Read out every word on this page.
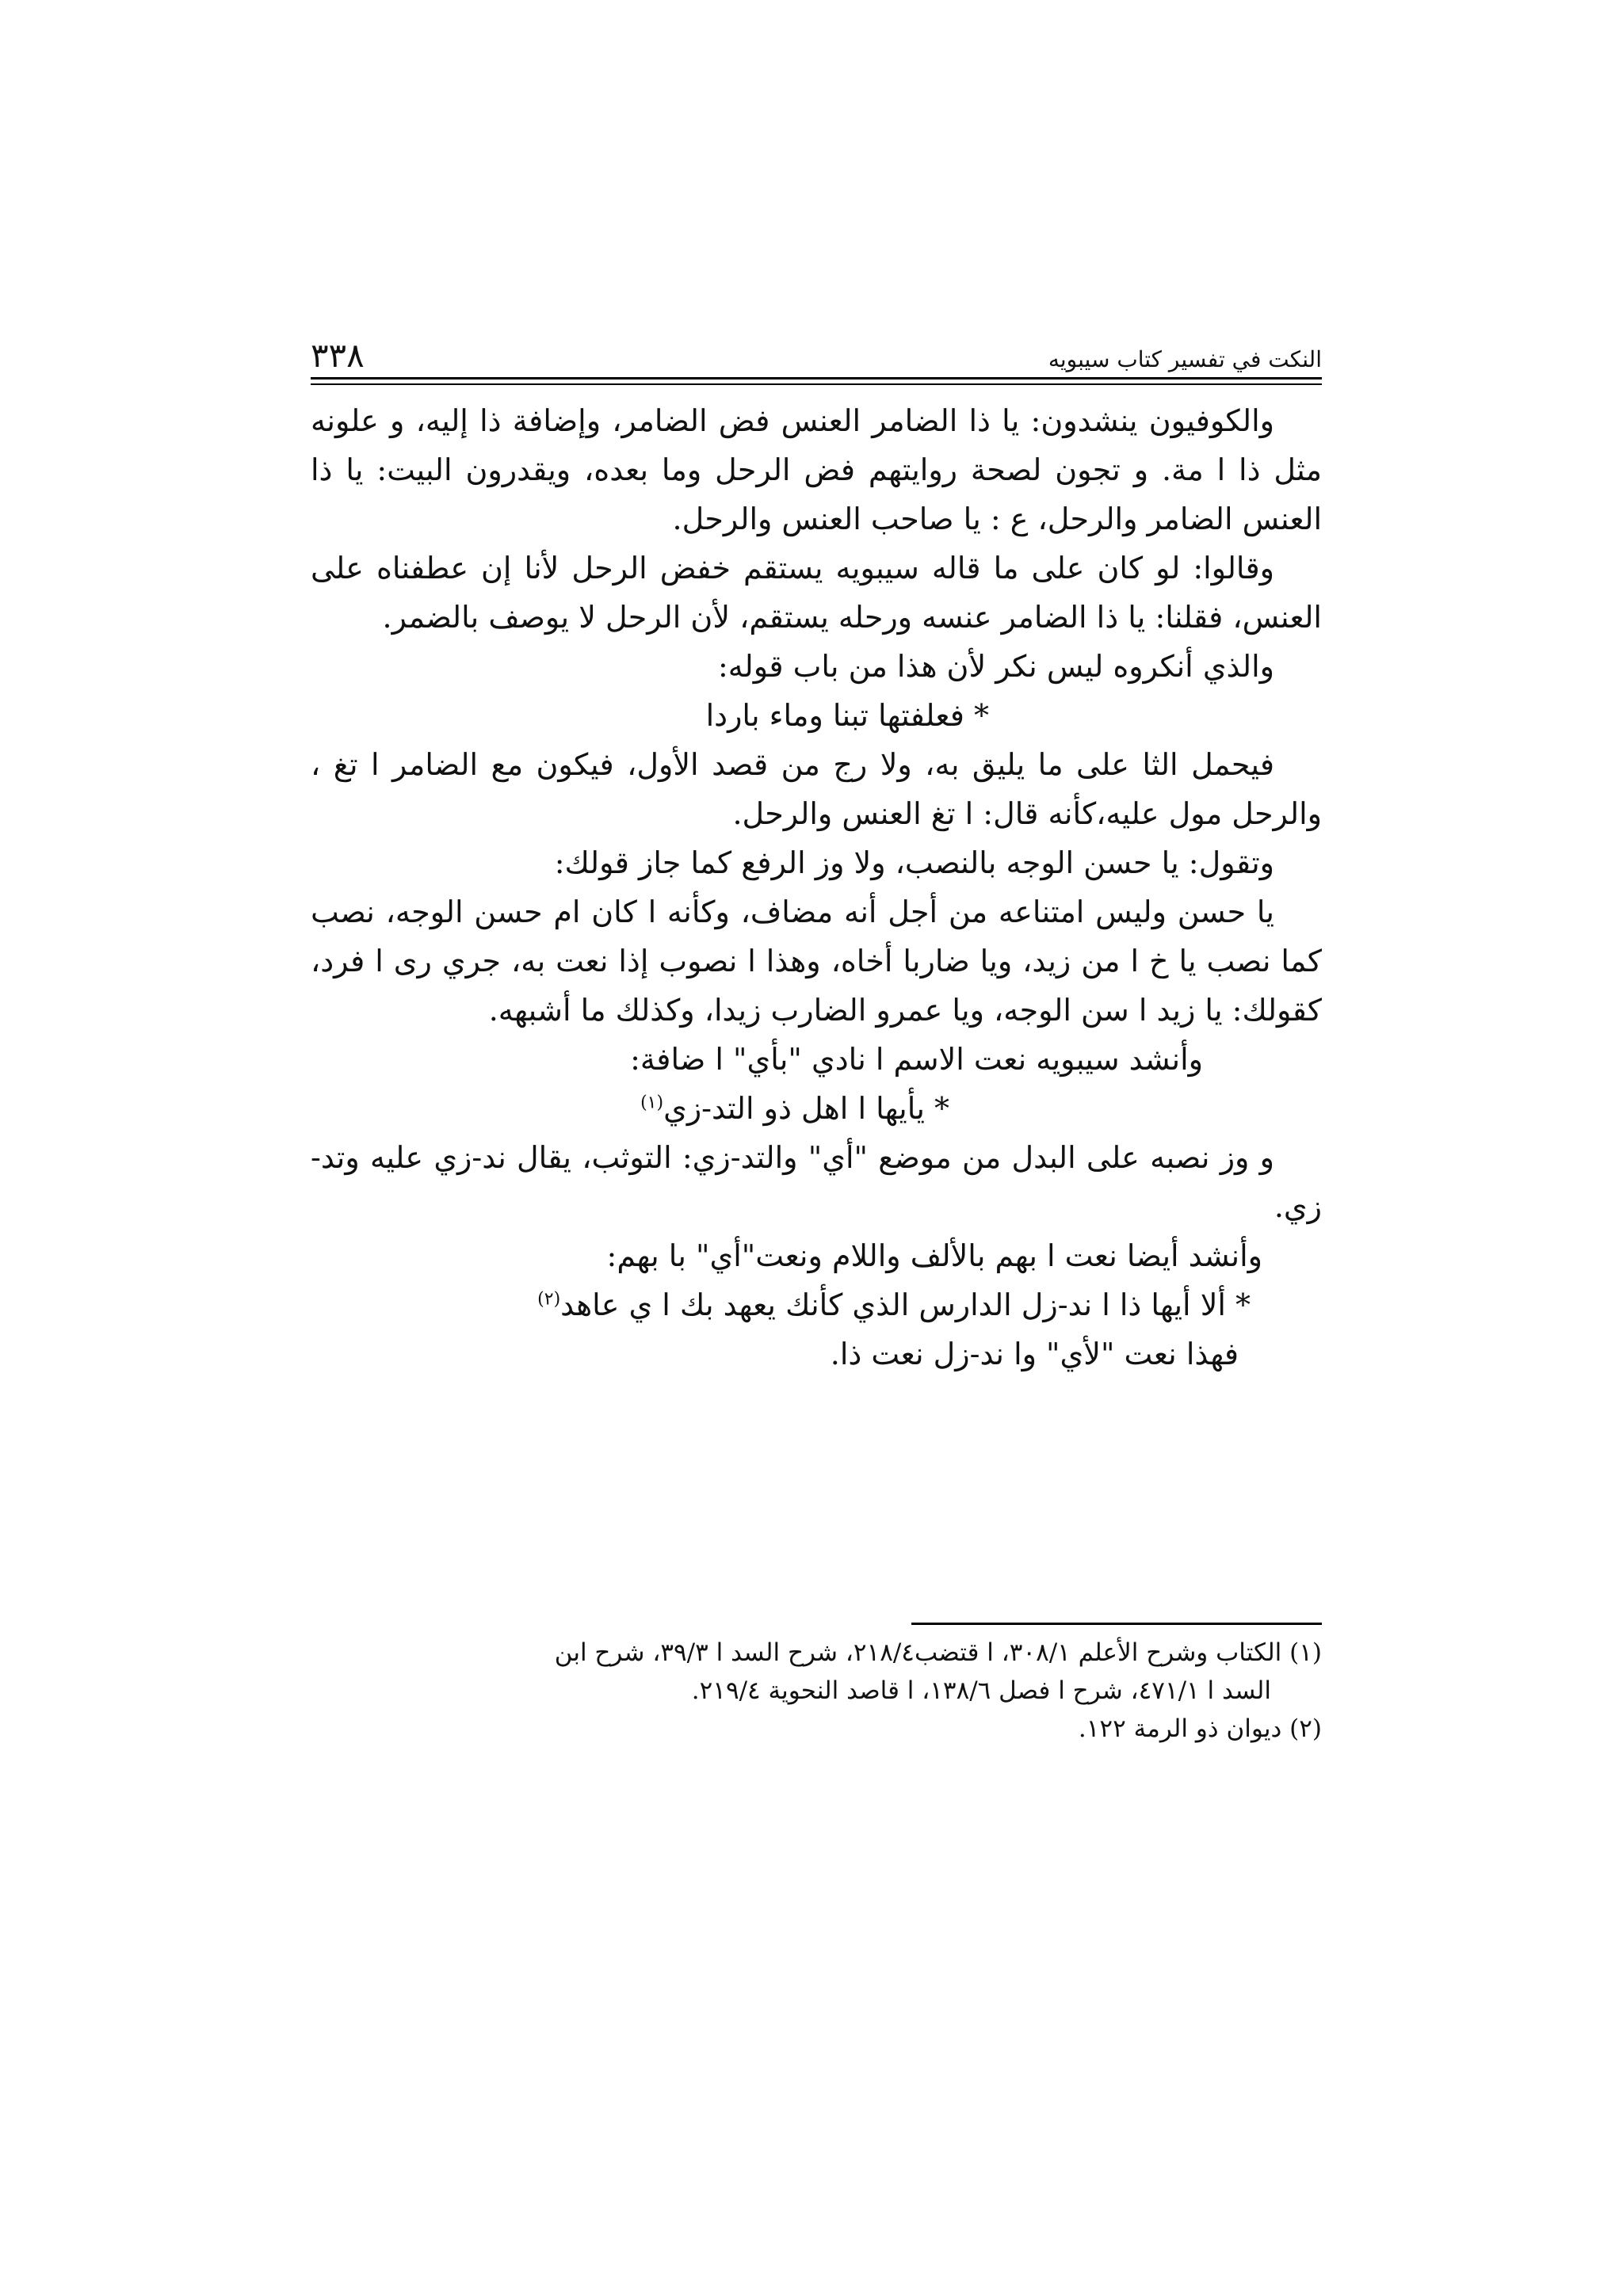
٣٣٨	النكت في تفسير كتاب سيبويه

والكوفيون ينشدون: يا ذا الضامر العنس فض الضامر، وإضافة ذا إليه، و علونه مثل ذا ا مة. و تجون لصحة روايتهم فض الرحل وما بعده، ويقدرون البيت: يا ذا العنس الضامر والرحل، ع : يا صاحب العنس والرحل.

وقالوا: لو كان على ما قاله سيبويه يستقم خفض الرحل لأنا إن عطفناه على العنس، فقلنا: يا ذا الضامر عنسه ورحله يستقم، لأن الرحل لا يوصف بالضمر.

والذي أنكروه ليس نكر لأن هذا من باب قوله:

* فعلفتها تبنا وماء باردا

فيحمل الثا على ما يليق به، ولا رج من قصد الأول، فيكون مع الضامر ا تغ ، والرحل مول عليه،كأنه قال: ا تغ العنس والرحل.

وتقول: يا حسن الوجه بالنصب، ولا وز الرفع كما جاز قولك:

يا حسن وليس امتناعه من أجل أنه مضاف، وكأنه ا كان ام حسن الوجه، نصب كما نصب يا خ ا من زيد، ويا ضاربا أخاه، وهذا ا نصوب إذا نعت به، جري رى ا فرد، كقولك: يا زيد ا سن الوجه، ويا عمرو الضارب زيدا، وكذلك ما أشبهه.

وأنشد سيبويه نعت الاسم ا نادي "بأي" ا ضافة:

* يأيها ا اهل ذو التد-زي$^{(١)}$

و وز نصبه على البدل من موضع "أي" والتد-زي: التوثب، يقال ند-زي عليه وتد-زي.

وأنشد أيضا نعت ا بهم بالألف واللام ونعت"أي" با بهم:

* ألا أيها ذا ا ند-زل الدارس الذي كأنك يعهد بك ا ي عاهد$^{(٢)}$

فهذا نعت "لأي" وا ند-زل نعت ذا.

(١) الكتاب وشرح الأعلم ٣٠٨/١، ا قتضب٢١٨/٤، شرح السد ا ٣٩/٣، شرح ابن

السد ا ٤٧١/١، شرح ا فصل ١٣٨/٦، ا قاصد النحوية ٢١٩/٤.

(٢) ديوان ذو الرمة ١٢٢.
